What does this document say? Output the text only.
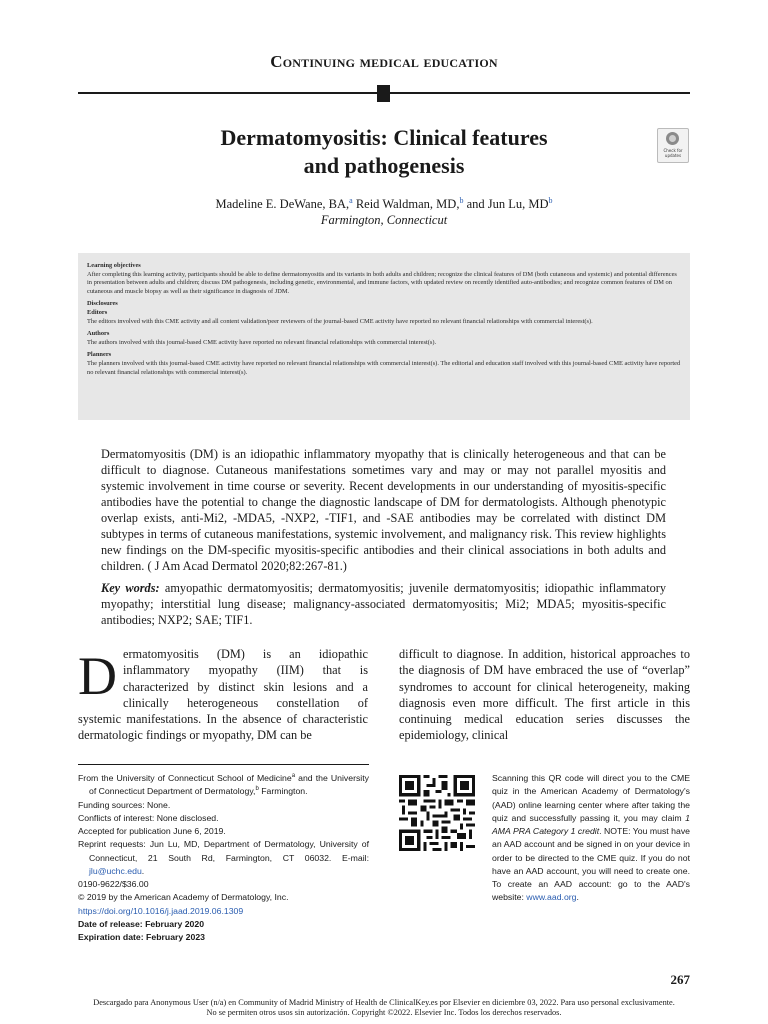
Continuing medical education
Dermatomyositis: Clinical features
and pathogenesis
Check for updates
Madeline E. DeWane, BA,$^a$ Reid Waldman, MD,$^b$ and Jun Lu, $MD^b$
Farmington, Connecticut
Learning objectives
After completing this learning activity, participants should be able to define dermatomyositis and its variants in both adults and children; recognize the clinical features of DM (both cutaneous and systemic) and potential differences in presentation between adults and children; discuss DM pathogenesis, including genetic, environmental, and immune factors, with updated review on recently identified auto-antibodies; and recognize common features of DM on cutaneous and muscle biopsy as well as their significance in diagnosis of JDM.
Disclosures
Editors
The editors involved with this CME activity and all content validation/peer reviewers of the journal-based CME activity have reported no relevant financial relationships with commercial interest(s).
Authors
The authors involved with this journal-based CME activity have reported no relevant financial relationships with commercial interest(s).
Planners
The planners involved with this journal-based CME activity have reported no relevant financial relationships with commercial interest(s). The editorial and education staff involved with this journal-based CME activity have reported no relevant financial relationships with commercial interest(s).
Dermatomyositis (DM) is an idiopathic inflammatory myopathy that is clinically heterogeneous and that can be difficult to diagnose. Cutaneous manifestations sometimes vary and may or may not parallel myositis and systemic involvement in time course or severity. Recent developments in our understanding of myositis-specific antibodies have the potential to change the diagnostic landscape of DM for dermatologists. Although phenotypic overlap exists, anti-Mi2, -MDA5, -NXP2, -TIF1, and -SAE antibodies may be correlated with distinct DM subtypes in terms of cutaneous manifestations, systemic involvement, and malignancy risk. This review highlights new findings on the DM-specific myositis-specific antibodies and their clinical associations in both adults and children. ( J Am Acad Dermatol 2020;82:267-81.)
Key words: amyopathic dermatomyositis; dermatomyositis; juvenile dermatomyositis; idiopathic inflammatory myopathy; interstitial lung disease; malignancy-associated dermatomyositis; Mi2; MDA5; myositis-specific antibodies; NXP2; SAE; TIF1.
Dermatomyositis (DM) is an idiopathic inflammatory myopathy (IIM) that is characterized by distinct skin lesions and a clinically heterogeneous constellation of systemic manifestations. In the absence of characteristic dermatologic findings or myopathy, DM can be
difficult to diagnose. In addition, historical approaches to the diagnosis of DM have embraced the use of “overlap” syndromes to account for clinical heterogeneity, making diagnosis even more difficult. The first article in this continuing medical education series discusses the epidemiology, clinical
From the University of Connecticut School of Medicine$^a$ and the University of Connecticut Department of Dermatology,$^b$ Farmington.
Funding sources: None.
Conflicts of interest: None disclosed.
Accepted for publication June 6, 2019.
Reprint requests: Jun Lu, MD, Department of Dermatology, University of Connecticut, 21 South Rd, Farmington, CT 06032. E-mail: jlu@uchc.edu.
0190-9622/$36.00
© 2019 by the American Academy of Dermatology, Inc.
https://doi.org/10.1016/j.jaad.2019.06.1309
Date of release: February 2020
Expiration date: February 2023
Scanning this QR code will direct you to the CME quiz in the American Academy of Dermatology's (AAD) online learning center where after taking the quiz and successfully passing it, you may claim 1 AMA PRA Category 1 credit. NOTE: You must have an AAD account and be signed in on your device in order to be directed to the CME quiz. If you do not have an AAD account, you will need to create one. To create an AAD account: go to the AAD's website: www.aad.org.
267
Descargado para Anonymous User (n/a) en Community of Madrid Ministry of Health de ClinicalKey.es por Elsevier en diciembre 03, 2022. Para uso personal exclusivamente. No se permiten otros usos sin autorización. Copyright ©2022. Elsevier Inc. Todos los derechos reservados.
